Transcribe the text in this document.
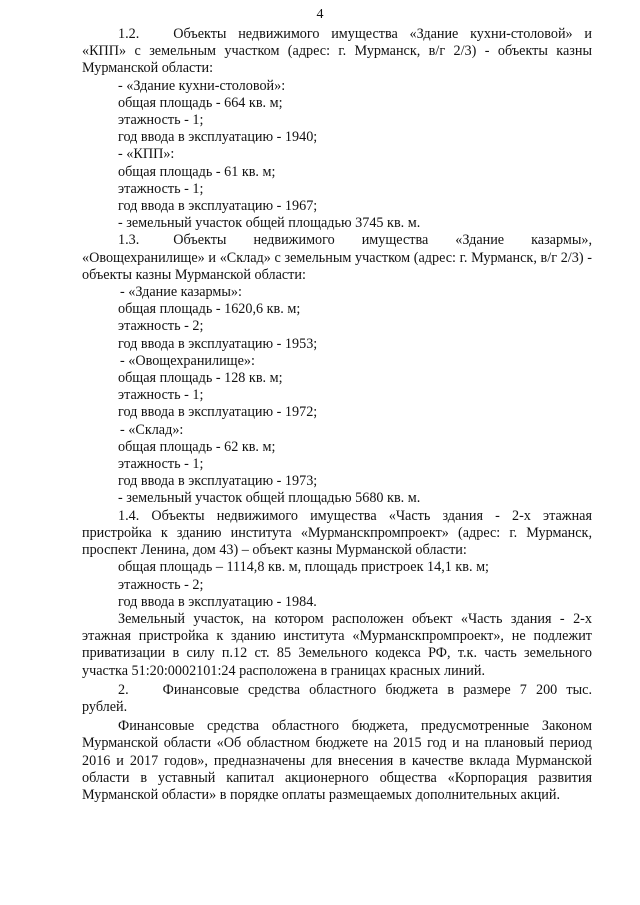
4

1.2. Объекты недвижимого имущества «Здание кухни-столовой» и «КПП» с земельным участком (адрес: г. Мурманск, в/г 2/3) - объекты казны Мурманской области:

- «Здание кухни-столовой»:
общая площадь - 664 кв. м;
этажность - 1;
год ввода в эксплуатацию - 1940;
- «КПП»:
общая площадь - 61 кв. м;
этажность - 1;
год ввода в эксплуатацию - 1967;
- земельный участок общей площадью 3745 кв. м.

1.3. Объекты недвижимого имущества «Здание казармы», «Овощехранилище» и «Склад» с земельным участком (адрес: г. Мурманск, в/г 2/3) - объекты казны Мурманской области:

- «Здание казармы»:
общая площадь - 1620,6 кв. м;
этажность - 2;
год ввода в эксплуатацию - 1953;
- «Овощехранилище»:
общая площадь - 128 кв. м;
этажность - 1;
год ввода в эксплуатацию - 1972;
- «Склад»:
общая площадь - 62 кв. м;
этажность - 1;
год ввода в эксплуатацию - 1973;
- земельный участок общей площадью 5680 кв. м.

1.4. Объекты недвижимого имущества «Часть здания - 2-х этажная пристройка к зданию института «Мурманскпромпроект» (адрес: г. Мурманск, проспект Ленина, дом 43) – объект казны Мурманской области:

общая площадь – 1114,8 кв. м, площадь пристроек 14,1 кв. м;
этажность - 2;
год ввода в эксплуатацию - 1984.

Земельный участок, на котором расположен объект «Часть здания - 2-х этажная пристройка к зданию института «Мурманскпромпроект», не подлежит приватизации в силу п.12 ст. 85 Земельного кодекса РФ, т.к. часть земельного участка 51:20:0002101:24 расположена в границах красных линий.

2. Финансовые средства областного бюджета в размере 7 200 тыс. рублей.

Финансовые средства областного бюджета, предусмотренные Законом Мурманской области «Об областном бюджете на 2015 год и на плановый период 2016 и 2017 годов», предназначены для внесения в качестве вклада Мурманской области в уставный капитал акционерного общества «Корпорация развития Мурманской области» в порядке оплаты размещаемых дополнительных акций.
